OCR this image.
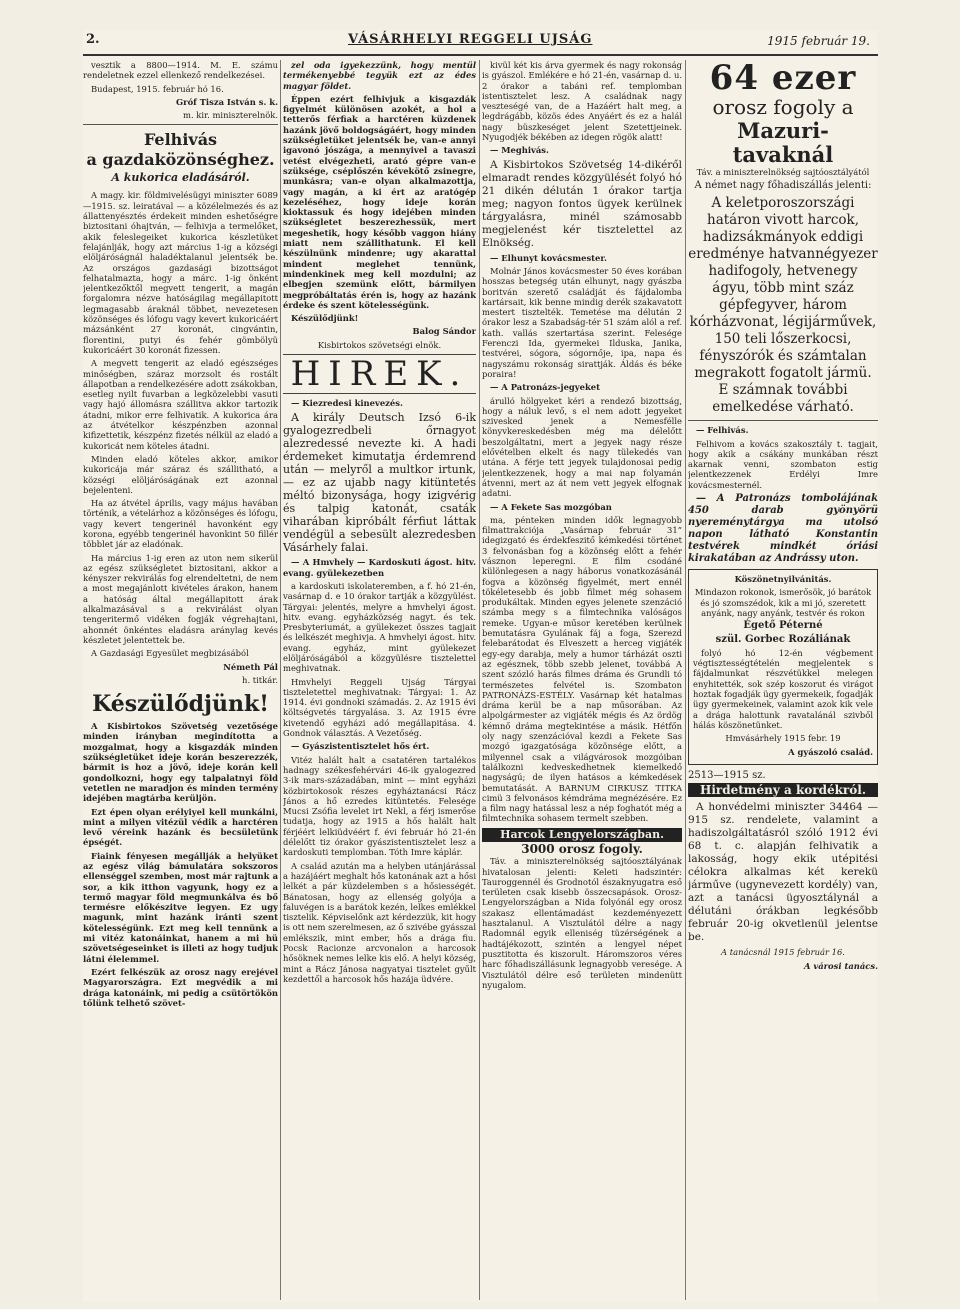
2.	VÁSÁRHELYI REGGELI UJSÁG	1915 február 19.

vesztik a 8800—1914. M. E. számu rendeletnek ezzel ellenkező rendelkezései.

Budapest, 1915. február hó 16.

Gróf Tisza István s. k.

m. kir. miniszterelnök.

Felhivás
a gazdaközönséghez.
A kukorica eladásáról.

A magy. kir. földmivelésügyi miniszter 6089—1915. sz. leiratával — a közélelmezés és az állattenyésztés érdekeit minden eshetőségre biztositani óhajtván, — felhivja a termelőket, akik feleslegeiket kukorica készletüket felajánlják, hogy azt március 1-ig a községi elöljáróságnál haladéktalanul jelentsék be. Az országos gazdasági bizottságot felhatalmazta, hogy a márc. 1-ig önként jelentkezőktől megvett tengerit, a magán forgalomra nézve hatóságilag megállapitott legmagasabb áraknál többet, nevezetesen közönséges és lófogu vagy kevert kukoricáért mázsánként 27 koronát, cingvántin, florentini, putyi és fehér gömbölyü kukoricáért 30 koronát fizessen.

A megvett tengerit az eladó egészséges minőségben, száraz morzsolt és rostált állapotban a rendelkezésére adott zsákokban, esetleg nyilt fuvarban a legközelebbi vasuti vagy hajó állomásra szállitva akkor tartozik átadni, mikor erre felhivatik. A kukorica ára az átvételkor készpénzben azonnal kifizettetik, készpénz fizetés nélkül az eladó a kukoricát nem köteles átadni.

Minden eladó köteles akkor, amikor kukoricája már száraz és szállitható, a községi elöljáróságának ezt azonnal bejelenteni.

Ha az átvétel április, vagy május havában történik, a vételárhoz a közönséges és lófogu, vagy kevert tengerinél havonként egy korona, egyébb tengerinél havonkint 50 fillér többlet jár az eladónak.

Ha március 1-ig eren az uton nem sikerül az egész szükségletet biztositani, akkor a kényszer rekvirálás fog elrendeltetni, de nem a most megajánlott kivételes árakon, hanem a hatóság által megállapitott árak alkalmazásával s a rekvirálást olyan tengeritermő vidéken fogják végrehajtani, ahonnét önkéntes eladásra aránylag kevés készletet jelentettek be.

A Gazdasági Egyesület megbizásából

Németh Pál

h. titkár.

Készülődjünk!

A Kisbirtokos Szövetség vezetősége minden irányban megindította a mozgalmat, hogy a kisgazdák minden szükségletüket ideje korán beszerezzék, bármit is hoz a jövő, ideje korán kell gondolkozni, hogy egy talpalatnyi föld vetetlen ne maradjon és minden termény idejében magtárba kerüljön.

Ezt épen olyan erélyiyel kell munkálni, mint a milyen vitézül védik a harctéren levő véreink hazánk és becsületünk épségét.

Fiaink fényesen megállják a helyüket az egész világ bámulatára sokszoros ellenséggel szemben, most már rajtunk a sor, a kik itthon vagyunk, hogy ez a termő magyar föld megmunkálva és bő termésre előkészitve legyen. Ez ugy magunk, mint hazánk iránti szent kötelességünk. Ezt meg kell tennünk a mi vitéz katonáinkat, hanem a mi hü szövetségeseinket is illeti az hogy tudjuk látni élelemmel.

Ezért felkészük az orosz nagy erejével Magyarországra. Ezt megvédik a mi drága katonáink, mi pedig a csütörtökön tőlünk telhető szövet-

zel oda igyekezzünk, hogy mentül termékenyebbé tegyük ezt az édes magyar földet.

Éppen ezért felhivjuk a kisgazdák figyelmét különösen azokét, a hol a tetterős férfiak a harctéren küzdenek hazánk jövő boldogságáért, hogy minden szükségletüket jelentsék be, van-e annyi igavonó jószága, a mennyivel a tavaszi vetést elvégezheti, arató gépre van-e szüksége, cséplőszén kévekötő zsinegre, munkásra; van-e olyan alkalmazottja, vagy magán, a ki ért az aratógép kezeléséhez, hogy ideje korán kioktassuk és hogy idejében minden szükségletet beszerezhessük, mert megeshetik, hogy később vaggon hiány miatt nem szállithatunk. El kell készülnünk mindenre; ugy akarattal mindent meglehet tennünk, mindenkinek meg kell mozdulni; az elbegjen szemünk előtt, bármilyen megpróbáltatás érén is, hogy az hazánk érdeke és szent kötelességünk.

Készülődjünk!

Balog Sándor

Kisbirtokos szövetségi elnök.

HIREK.

— Kiezredesi kinevezés.

A király Deutsch Izsó 6-ik gyalogezredbeli őrnagyot alezredessé nevezte ki. A hadi érdemeket kimutatja érdemrend után — melyről a multkor irtunk, — ez az ujabb nagy kitüntetés méltó bizonysága, hogy izigvérig és talpig katonát, csaták viharában kipróbált férfiut láttak vendégül a sebesült alezredesben Vásárhely falai.

— A Hmvhely — Kardoskuti ágost. hitv. evang. gyülekezetben

a kardoskuti iskolateremben, a f. hó 21-én, vasárnap d. e 10 órakor tartják a közgyülést. Tárgyai: jelentés, melyre a hmvhelyi ágost. hitv. evang. egyházközség nagyt. és tek. Presbyteriumát, a gyülekezet összes tagjait és lelkészét meghivja. A hmvhelyi ágost. hitv. evang. egyház, mint gyülekezet elöljáróságából a közgyülésre tisztelettel meghivatnak.

Hmvhelyi Reggeli Ujság Tárgyai tiszteletettel meghivatnak: Tárgyai: 1. Az 1914. évi gondnoki számadás. 2. Az 1915 évi költségvetés tárgyalása. 3. Az 1915 évre kivetendő egyházi adó megállapitása. 4. Gondnok választás. A Vezetőség.

— Gyászistentisztelet hős ért.

Vitéz halált halt a csatatéren tartalékos hadnagy székesfehérvári 46-ik gyalogezred 3-ik mars-századában, mint — mint egyházi közbirtokosok részes egyháztanácsi Rácz János a hő ezredes kitüntetés. Felesége Mucsi Zsófia levelet irt Nekl, a férj ismerőse tudatja, hogy az 1915 a hős halált halt férjéért lelkiüdvéért f. évi február hó 21-én délelőtt tiz órakor gyászistentisztelet lesz a kardoskuti templomban. Tóth Imre káplár.

A család azután ma a helyben utánjárással a hazájáért meghalt hős katonának azt a hősi lelkét a pár küzdelemben s a hősiességét. Bánatosan, hogy az ellenség golyója a faluvégen is a barátok kezén, lelkes emlékkel tisztelik. Képviselőnk azt kérdezzük, kit hogy is ott nem szerelmesen, az ő szivébe gyásszal emlékszik, mint ember, hős a drága fiu. Pocsk Racionze arcvonalon a harcosok hősöknek nemes lelke kis elő. A helyi község, mint a Rácz Jánosa nagyatyai tisztelet gyűlt kezdettől a harcosok hős hazája üdvére.

kivül két kis árva gyermek és nagy rokonság is gyászol. Emlékére e hó 21-én, vasárnap d. u. 2 órakor a tabáni ref. templomban istentisztelet lesz. A családnak nagy veszteségé van, de a Hazáért halt meg, a legdrágább, közös édes Anyáért és ez a halál nagy büszkeséget jelent Szetettjeinek. Nyugodjék békében az idegen rögök alatt!

— Meghivás.

A Kisbirtokos Szövetség 14-dikéről elmaradt rendes közgyülését folyó hó 21 dikén délután 1 órakor tartja meg; nagyon fontos ügyek kerülnek tárgyalásra, minél számosabb megjelenést kér tisztelettel az Elnökség.

— Elhunyt kovácsmester.

Molnár János kovácsmester 50 éves korában hosszas betegség után elhunyt, nagy gyászba boritván szerető családját és fájdalomba kartársait, kik benne mindig derék szakavatott mestert tisztelték. Temetése ma délután 2 órakor lesz a Szabadság-tér 51 szám alól a ref. kath. vallás szertartása szerint. Felesége Ferenczi Ida, gyermekei Ilduska, Janika, testvérei, sógora, sógornője, ipa, napa és nagyszámu rokonság sirattják. Áldás és béke poraira!

— A Patronázs-jegyeket

árulló hölgyeket kéri a rendező bizottság, hogy a náluk levő, s el nem adott jegyeket szivesked jenek a Nemesfélle könyvkereskedésben még ma délelőtt beszolgáltatni, mert a jegyek nagy része elővételben elkelt és nagy tülekedés van utána. A férje tett jegyek tulajdonosai pedig jelentkezzenek, hogy a mai nap folyamán átvenni, mert az át nem vett jegyek elfognak adatni.

— A Fekete Sas mozgóban

ma, pénteken minden idők legnagyobb filmattrakciója „Vasárnap február 31” idegizgató és érdekfeszitő kémkedési történet 3 felvonásban fog a közönség előtt a fehér vásznon leperegni. E film csodáné különlegesen a nagy háborus vonatkozásánál fogva a közönség figyelmét, mert ennél tökéletesebb és jobb filmet még sohasem produkáltak. Minden egyes jelenete szenzáció számba megy s a filmtechnika valóságos remeke. Ugyan-e műsor keretében kerülnek bemutatásra Gyulának fáj a foga, Szerezd felebarátodat és Elveszett a herceg vigjáték egy-egy darabja, mely a humor tárházát oszti az egésznek, több szebb jelenet, továbbá A szent szózló harás filmes dráma és Grundli tó természetes felvétel is. Szombaton PATRONÁZS-ESTÉLY. Vasárnap két hatalmas dráma kerül be a nap műsorában. Az alpolgármester az vigjáték mégis és Az ördög kémnő dráma megtekintése a másik. Hétfőn oly nagy szenzációval kezdi a Fekete Sas mozgó igazgatósága közönsége előtt, a milyennel csak a világvárosok mozgóiban találkozni kedveskedhetnek kiemelkedő nagyságú; de ilyen hatásos a kémkedések bemutatását. A BARNUM CIRKUSZ TITKA cimü 3 felvonásos kémdráma megnézésére. Ez a film nagy hatással lesz a nép foghatót még a filmtechnika sohasem termelt szebben.

Harcok Lengyelországban.
3000 orosz fogoly.

Táv. a miniszterelnökség sajtóosztályának hivatalosan jelenti: Keleti hadszintér: Tauroggennél és Grodnotól északnyugatra eső területen csak kisebb összecsapások. Orosz-Lengyelországban a Nida folyónál egy orosz szakasz ellentámadást kezdeményezett hasztalanul. A Visztulától délre a nagy Radomnál egyik elleniség tüzérségének a hadtájékozott, szintén a lengyel népet pusztitotta és kiszorult. Háromszoros véres harc főhadiszállásunk legnagyobb veresége. A Visztulától délre eső területen mindenütt nyugalom.

64 ezer
orosz fogoly a
Mazuri-tavaknál

Táv. a miniszterelnökség sajtóosztályától

A német nagy főhadiszállás jelenti:

A keletporoszországi határon vivott harcok, hadizsákmányok eddigi eredménye hatvannégyezer hadifogoly, hetvenegy ágyu, több mint száz gépfegyver, három kórházvonat, légijárművek, 150 teli lőszerkocsi, fényszórók és számtalan megrakott fogatolt jármü. E számnak további emelkedése várható.

— Felhivás.

Felhivom a kovács szakosztály t. tagjait, hogy akik a csákány munkában részt akarnak venni, szombaton estig jelentkezzenek Erdélyi Imre kovácsmesternél.

— A Patronázs tombolájának 450 darab gyönyörü nyereménytárgya ma utolsó napon látható Konstantin testvérek mindkét óriási kirakatában az Andrássy uton.

Köszönetnyilvánitás.

Mindazon rokonok, ismerősök, jó barátok és jó szomszédok, kik a mi jó, szeretett anyánk, nagy anyánk, testvér és rokon

Égető Péterné

szül. Gorbec Rozáliának

folyó hó 12-én végbement végtisztességtételén megjelentek s fájdalmunkat részvétükkel melegen enyhitették, sok szép koszorut és virágot hoztak fogadják ügy gyermekeik, fogadják ügy gyermekeinek, valamint azok kik vele a drága halottunk ravatalánál szivből hálás köszönetünket.

Hmvásárhely 1915 febr. 19

A gyászoló család.

2513—1915 sz.
Hirdetmény a kordékról.

A honvédelmi miniszter 34464 — 915 sz. rendelete, valamint a hadiszolgáltatásról szóló 1912 évi 68 t. c. alapján felhivatik a lakosság, hogy ekik utépitési célokra alkalmas két kerekü járműve (ugynevezett kordély) van, azt a tanácsi ügyosztálynál a délutáni órákban legkésőbb február 20-ig okvetlenül jelentse be.

A tanácsnál 1915 február 16.

A városi tanács.
